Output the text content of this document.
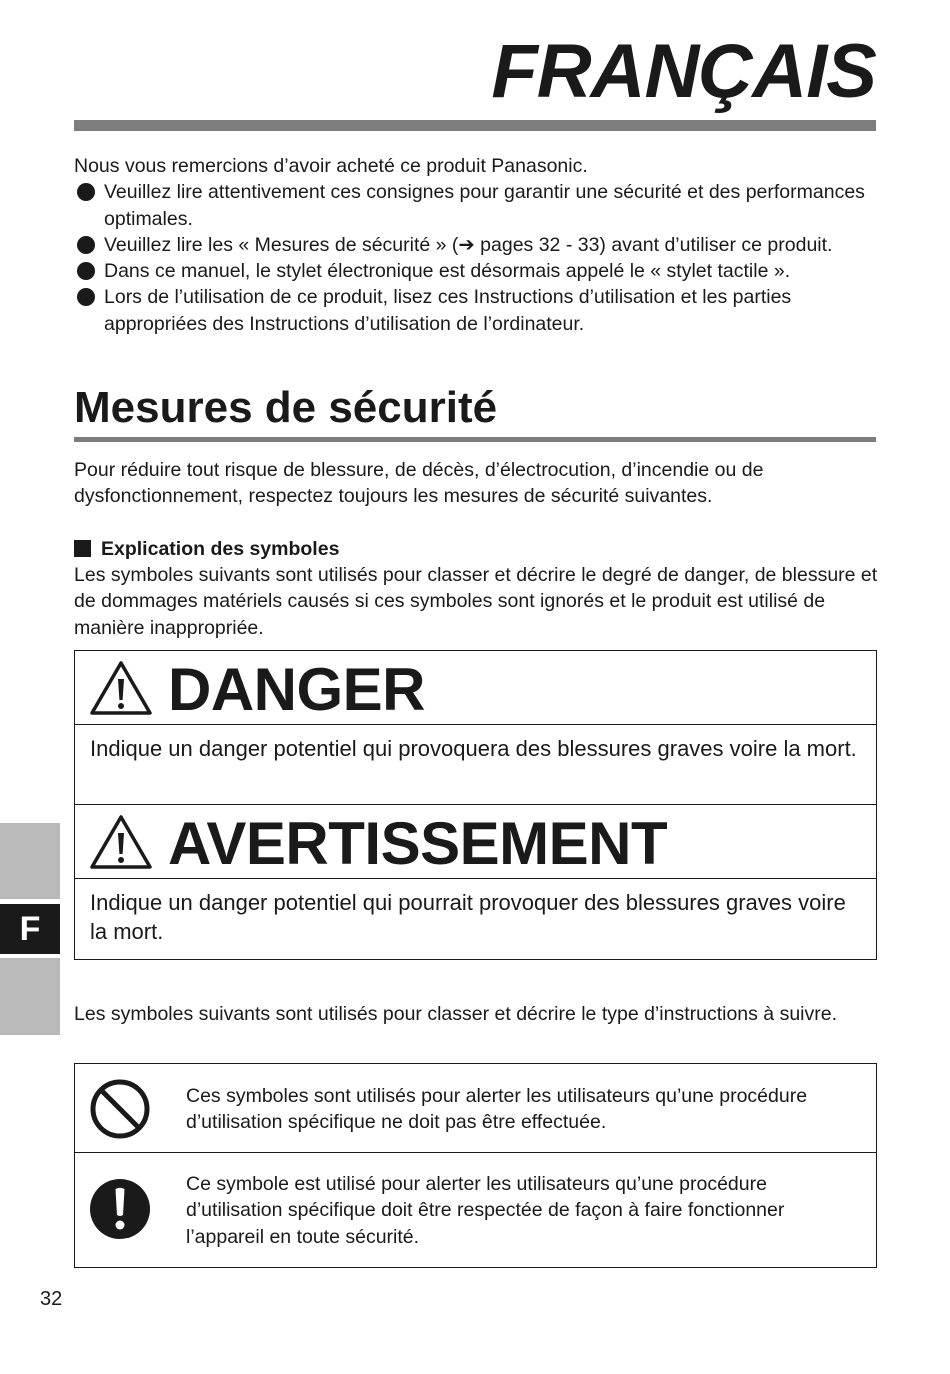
FRANÇAIS

Nous vous remercions d’avoir acheté ce produit Panasonic.

Veuillez lire attentivement ces consignes pour garantir une sécurité et des performances optimales.
Veuillez lire les « Mesures de sécurité » (➔ pages 32 - 33) avant d’utiliser ce produit.
Dans ce manuel, le stylet électronique est désormais appelé le « stylet tactile ».
Lors de l’utilisation de ce produit, lisez ces Instructions d’utilisation et les parties appropriées des Instructions d’utilisation de l’ordinateur.
Mesures de sécurité

Pour réduire tout risque de blessure, de décès, d’électrocution, d’incendie ou de dysfonctionnement, respectez toujours les mesures de sécurité suivantes.

Explication des symboles

Les symboles suivants sont utilisés pour classer et décrire le degré de danger, de blessure et de dommages matériels causés si ces symboles sont ignorés et le produit est utilisé de manière inappropriée.

DANGER
Indique un danger potentiel qui provoquera des blessures graves voire la mort.
AVERTISSEMENT
Indique un danger potentiel qui pourrait provoquer des blessures graves voire la mort.

Les symboles suivants sont utilisés pour classer et décrire le type d’instructions à suivre.

Ces symboles sont utilisés pour alerter les utilisateurs qu’une procédure d’utilisation spécifique ne doit pas être effectuée.
Ce symbole est utilisé pour alerter les utilisateurs qu’une procédure d’utilisation spécifique doit être respectée de façon à faire fonctionner l’appareil en toute sécurité.
F
32
